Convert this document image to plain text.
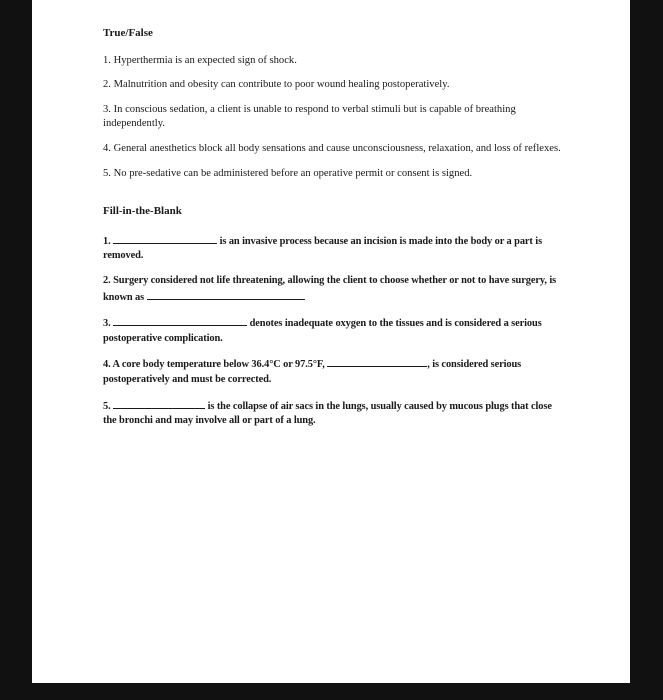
True/False

1. Hyperthermia is an expected sign of shock.

2. Malnutrition and obesity can contribute to poor wound healing postoperatively.

3. In conscious sedation, a client is unable to respond to verbal stimuli but is capable of breathing independently.

4. General anesthetics block all body sensations and cause unconsciousness, relaxation, and loss of reflexes.

5. No pre-sedative can be administered before an operative permit or consent is signed.

Fill-in-the-Blank

1.	is an invasive process because an incision is made into the body or a part is removed.

2. Surgery considered not life threatening, allowing the client to choose whether or not to have surgery, is known as

3.	denotes inadequate oxygen to the tissues and is considered a serious postoperative complication.

4. A core body temperature below 36.4°C or 97.5°F,	, is considered serious postoperatively and must be corrected.

5.	is the collapse of air sacs in the lungs, usually caused by mucous plugs that close the bronchi and may involve all or part of a lung.
